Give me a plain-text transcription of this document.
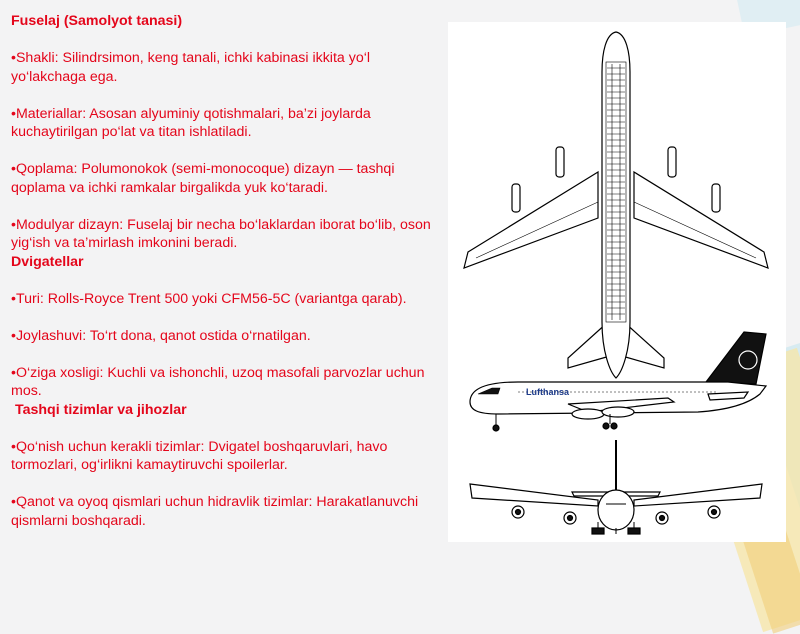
Fuselaj (Samolyot tanasi)

•Shakli: Silindrsimon, keng tanali, ichki kabinasi ikkita yo‘l yo‘lakchaga ega.

•Materiallar: Asosan alyuminiy qotishmalari, ba’zi joylarda kuchaytirilgan po‘lat va titan ishlatiladi.

•Qoplama: Polumonokok (semi-monocoque) dizayn — tashqi qoplama va ichki ramkalar birgalikda yuk ko‘taradi.

•Modulyar dizayn: Fuselaj bir necha bo‘laklardan iborat bo‘lib, oson yig‘ish va ta’mirlash imkonini beradi.

Dvigatellar

•Turi: Rolls-Royce Trent 500 yoki CFM56-5C (variantga qarab).

•Joylashuvi: To‘rt dona, qanot ostida o‘rnatilgan.

•O‘ziga xosligi: Kuchli va ishonchli, uzoq masofali parvozlar uchun mos.

Tashqi tizimlar va jihozlar

•Qo‘nish uchun kerakli tizimlar: Dvigatel boshqaruvlari, havo tormozlari, og‘irlikni kamaytiruvchi spoilerlar.

•Qanot va oyoq qismlari uchun hidravlik tizimlar: Harakatlanuvchi qismlarni boshqaradi.

Lufthansa
